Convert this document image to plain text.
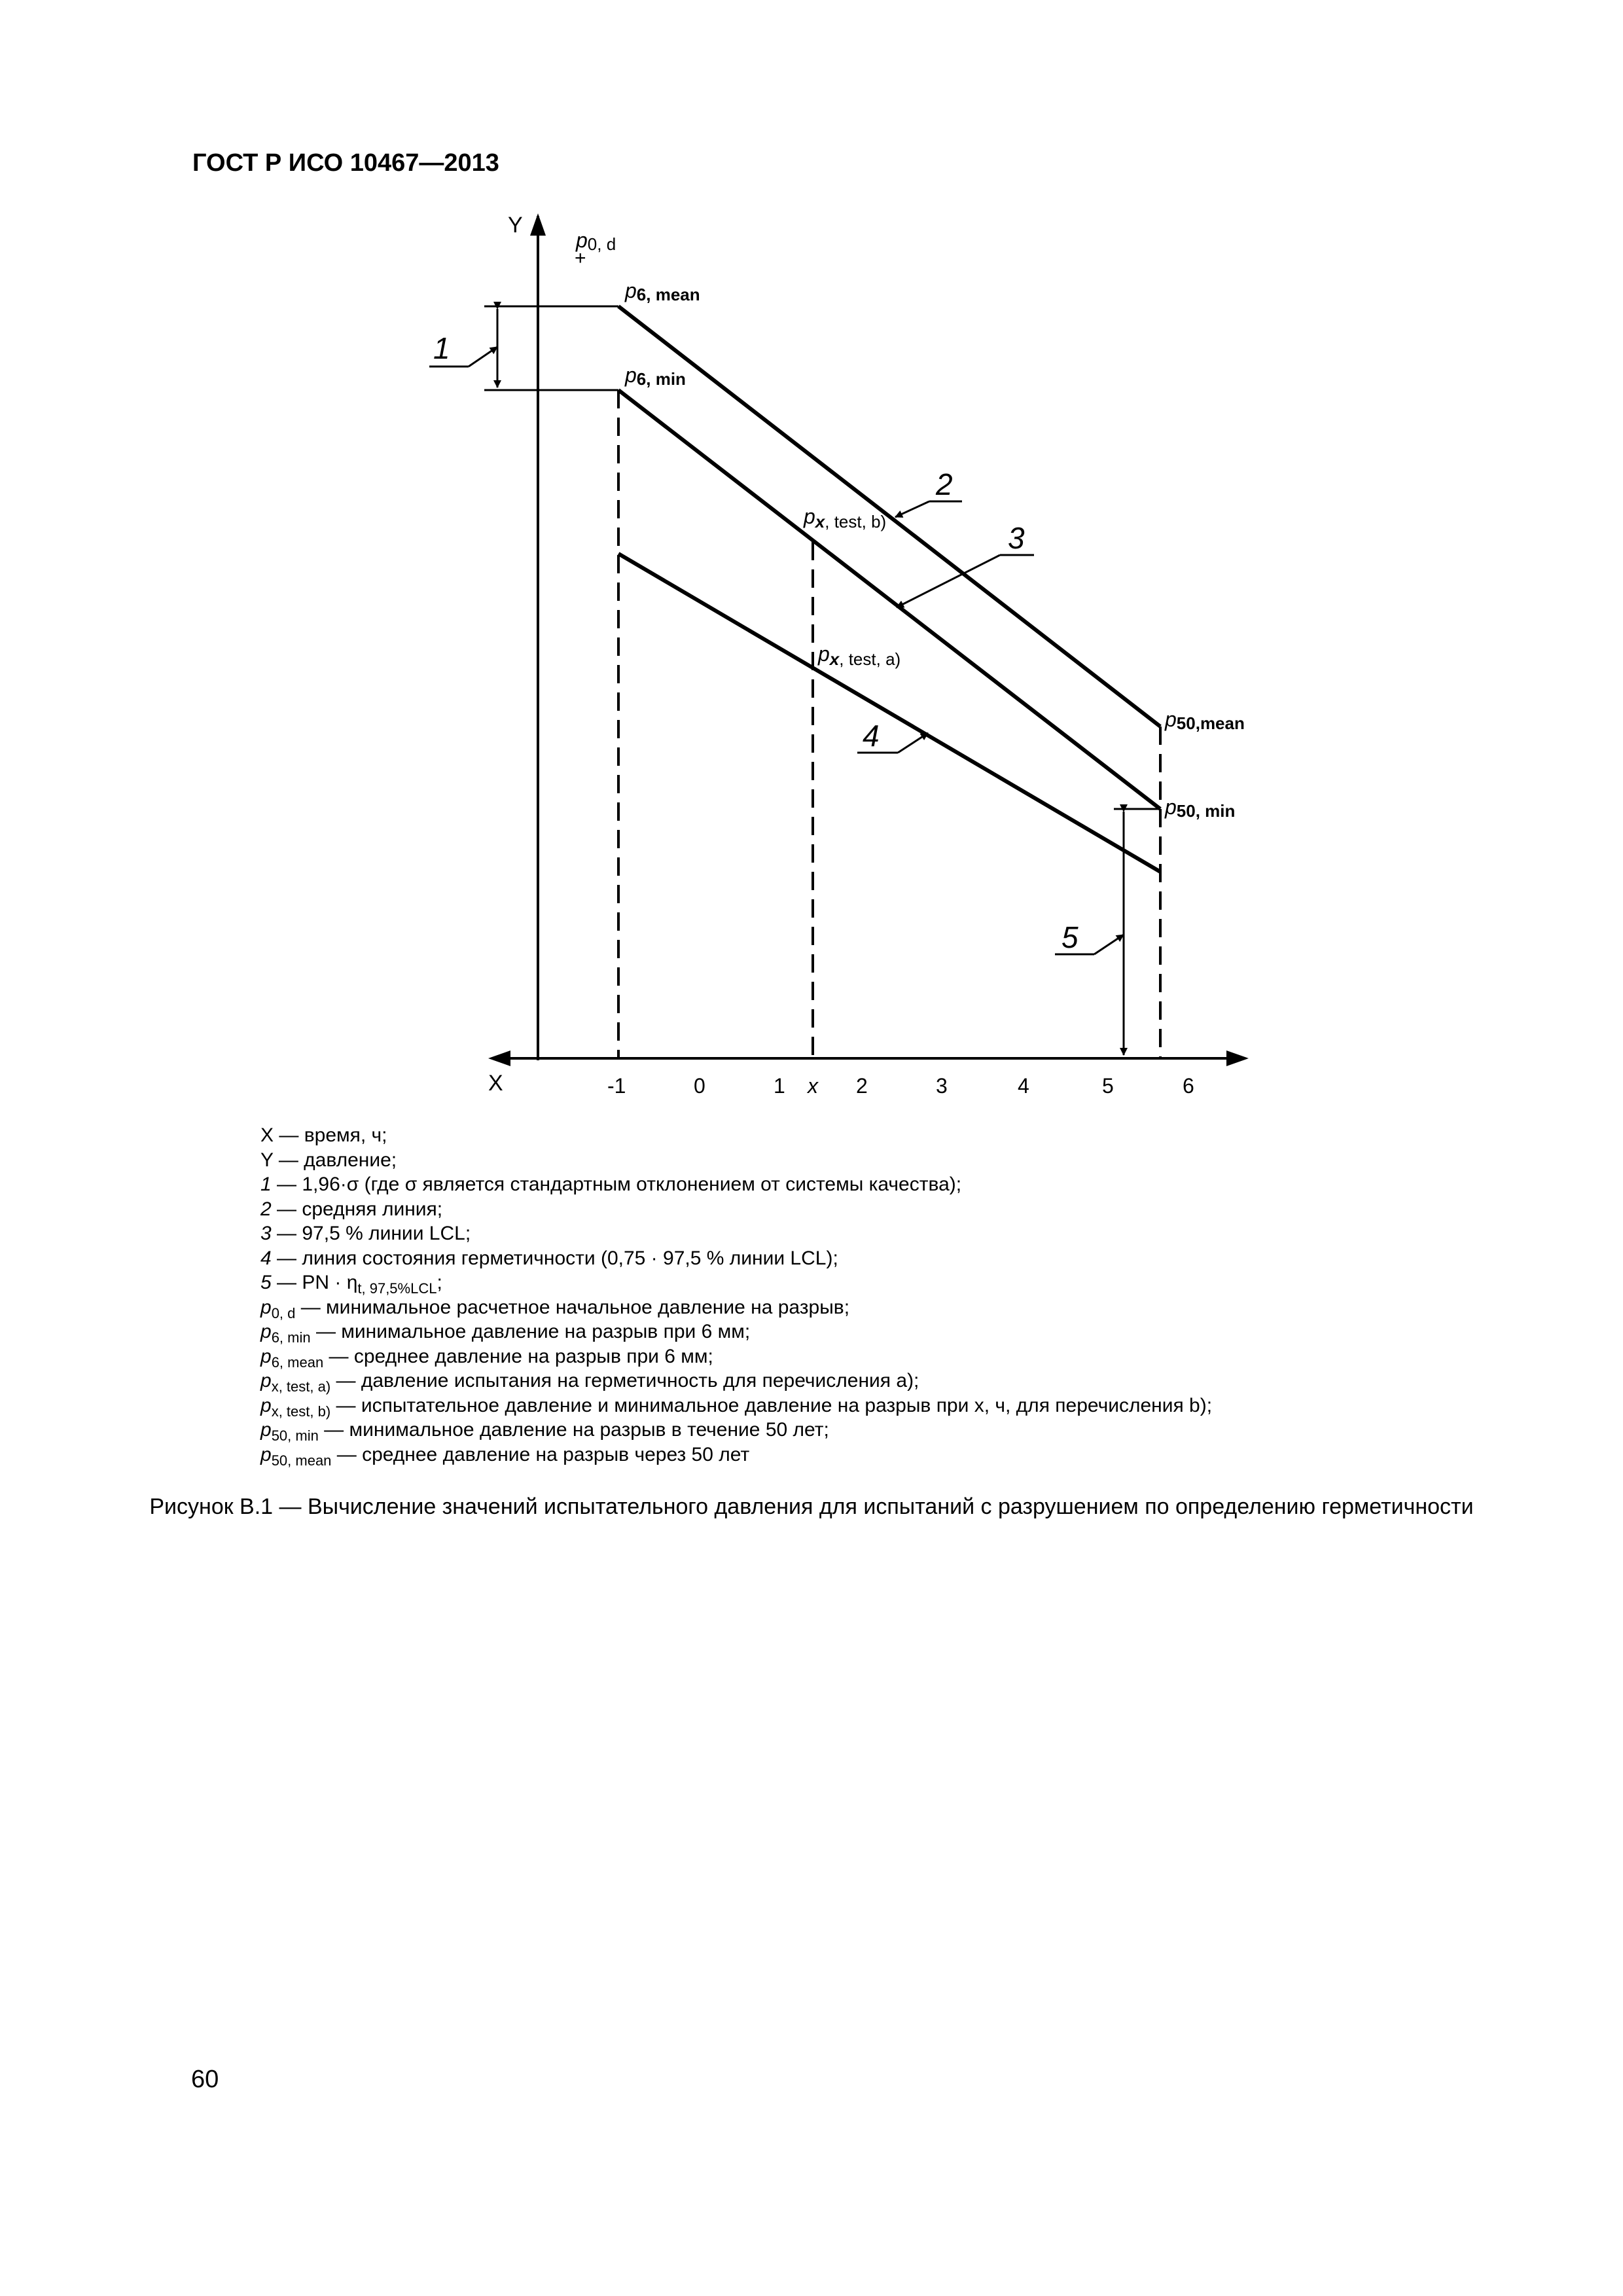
ГОСТ Р ИСО 10467—2013
Y
X	-1	0	1 x 2	3	4	5	6
1
2
3
4
5
p0, d
+
p6, mean
p6, min
px, test, b)
px, test, a)
p50,mean
p50, min
X — время, ч;
Y — давление;
1 — 1,96·σ (где σ является стандартным отклонением от системы качества);
2 — средняя линия;
3 — 97,5 % линии LCL;
4 — линия состояния герметичности (0,75 · 97,5 % линии LCL);
5 — PN · $\eta_{t, 97,5\%LCL}$;
$p_{0, d}$ — минимальное расчетное начальное давление на разрыв;
$p_{6, min}$ — минимальное давление на разрыв при 6 мм;
$p_{6, mean}$ — среднее давление на разрыв при 6 мм;
$p_{x, test, a)}$ — давление испытания на герметичность для перечисления а);
$p_{x, test, b)}$ — испытательное давление и минимальное давление на разрыв при x, ч, для перечисления b);
$p_{50, min}$ — минимальное давление на разрыв в течение 50 лет;
$p_{50, mean}$ — среднее давление на разрыв через 50 лет

Рисунок В.1 — Вычисление значений испытательного давления для испытаний с разрушением по определению герметичности

60
